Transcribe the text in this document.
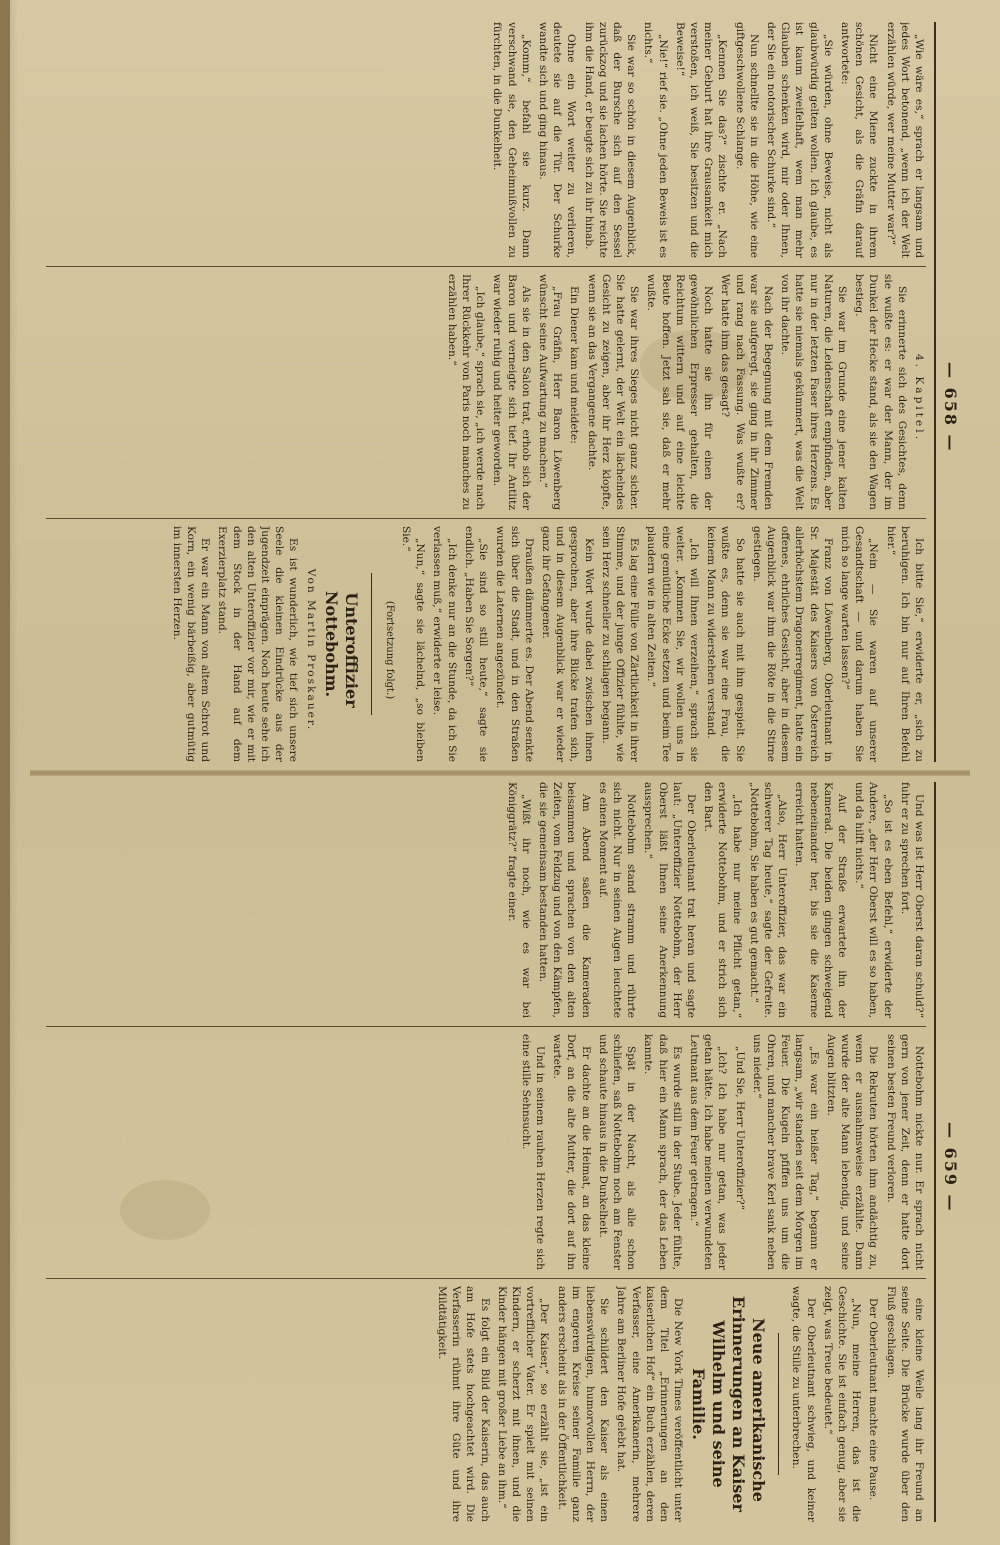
— 658 —

„Wie wäre es,“ sprach er langsam und jedes Wort betonend, „wenn ich der Welt erzählen würde, wer meine Mutter war?“

Nicht eine Miene zuckte in ihrem schönen Gesicht, als die Gräfin darauf antwortete:

„Sie würden, ohne Beweise, nicht als glaubwürdig gelten wollen. Ich glaube, es ist kaum zweifelhaft, wem man mehr Glauben schenken wird, mir oder Ihnen, der Sie ein notorischer Schurke sind.“

Nun schnellte sie in die Höhe, wie eine giftgeschwollene Schlange.

„Kennen Sie das?“ zischte er. „Nach meiner Geburt hat ihre Grausamkeit mich verstoßen, ich weiß, Sie besitzen und die Beweise!“

„Nie!“ rief sie. „Ohne jeden Beweis ist es nichts.“

Sie war so schön in diesem Augenblick, daß der Bursche sich auf den Sessel zurückzog und sie lachen hörte. Sie reichte ihm die Hand, er beugte sich zu ihr hinab.

Ohne ein Wort weiter zu verlieren, deutete sie auf die Tür. Der Schurke wandte sich und ging hinaus.

„Komm,“ befahl sie kurz. Dann verschwand sie, den Geheimnißvollen zu fürchten, in die Dunkelheit.

4. Kapitel.

Sie erinnerte sich des Gesichtes, denn sie wußte es: er war der Mann, der im Dunkel der Hecke stand, als sie den Wagen bestieg.

Sie war im Grunde eine jener kalten Naturen, die Leidenschaft empfinden, aber nur in der letzten Faser ihres Herzens. Es hatte sie niemals gekümmert, was die Welt von ihr dachte.

Nach der Begegnung mit dem Fremden war sie aufgeregt, sie ging in ihr Zimmer und rang nach Fassung. Was wußte er? Wer hatte ihm das gesagt?

Noch hatte sie ihn für einen der gewöhnlichen Erpresser gehalten, die Reichtum wittern und auf eine leichte Beute hoffen. Jetzt sah sie, daß er mehr wußte.

Sie war ihres Sieges nicht ganz sicher. Sie hatte gelernt, der Welt ein lächelndes Gesicht zu zeigen, aber ihr Herz klopfte, wenn sie an das Vergangene dachte.

Ein Diener kam und meldete:

„Frau Gräfin, Herr Baron Löwenberg wünscht seine Aufwartung zu machen.“

Als sie in den Salon trat, erhob sich der Baron und verneigte sich tief. Ihr Antlitz war wieder ruhig und heiter geworden.

„Ich glaube,“ sprach sie, „ich werde nach Ihrer Rückkehr von Paris noch manches zu erzählen haben.“

Ich bitte Sie,“ erwiderte er, „sich zu beruhigen. Ich bin nur auf Ihren Befehl hier.“

„Nein — Sie waren auf unserer Gesandtschaft — und darum haben Sie mich so lange warten lassen?“

Franz von Löwenberg, Oberleutnant in Sr. Majestät des Kaisers von Österreich allerhöchstem Dragonerregiment, hatte ein offenes, ehrliches Gesicht, aber in diesem Augenblick war ihm die Röte in die Stirne gestiegen.

So hatte sie auch mit ihm gespielt. Sie wußte es, denn sie war eine Frau, die keinem Mann zu widerstehen verstand.

„Ich will Ihnen verzeihen,“ sprach sie weiter. „Kommen Sie, wir wollen uns in eine gemütliche Ecke setzen und beim Tee plaudern wie in alten Zeiten.“

Es lag eine Fülle von Zärtlichkeit in ihrer Stimme, und der junge Offizier fühlte, wie sein Herz schneller zu schlagen begann.

Kein Wort wurde dabei zwischen ihnen gesprochen, aber ihre Blicke trafen sich, und in diesem Augenblick war er wieder ganz ihr Gefangener.

Draußen dämmerte es. Der Abend senkte sich über die Stadt, und in den Straßen wurden die Laternen angezündet.

„Sie sind so still heute,“ sagte sie endlich. „Haben Sie Sorgen?“

„Ich denke nur an die Stunde, da ich Sie verlassen muß,“ erwiderte er leise.

„Nun,“ sagte sie lächelnd, „so bleiben Sie.“

(Fortsetzung folgt.)

Unteroffizier Nottebohm.

Von Martin Proskauer.

Es ist wunderlich, wie tief sich unsere Seele die kleinen Eindrücke aus der Jugendzeit einprägen. Noch heute sehe ich den alten Unteroffizier vor mir, wie er mit dem Stock in der Hand auf dem Exerzierplatz stand.

Er war ein Mann von altem Schrot und Korn, ein wenig bärbeißig, aber gutmütig im innersten Herzen.

— 659 —

Und was ist Herr Oberst daran schuld?“ fuhr er zu sprechen fort.

„So ist es eben Befehl,“ erwiderte der Andere, „der Herr Oberst will es so haben, und da hilft nichts.“

Auf der Straße erwartete ihn der Kamerad. Die beiden gingen schweigend nebeneinander her, bis sie die Kaserne erreicht hatten.

„Also, Herr Unteroffizier, das war ein schwerer Tag heute,“ sagte der Gefreite. „Nottebohm, Sie haben es gut gemacht.“

„Ich habe nur meine Pflicht getan,“ erwiderte Nottebohm, und er strich sich den Bart.

Der Oberleutnant trat heran und sagte laut: „Unteroffizier Nottebohm, der Herr Oberst läßt Ihnen seine Anerkennung aussprechen.“

Nottebohm stand stramm und rührte sich nicht. Nur in seinen Augen leuchtete es einen Moment auf.

Am Abend saßen die Kameraden beisammen und sprachen von den alten Zeiten, vom Feldzug und von den Kämpfen, die sie gemeinsam bestanden hatten.

„Wißt ihr noch, wie es war bei Königgrätz?“ fragte einer.

Nottebohm nickte nur. Er sprach nicht gern von jener Zeit, denn er hatte dort seinen besten Freund verloren.

Die Rekruten hörten ihm andächtig zu, wenn er ausnahmsweise erzählte. Dann wurde der alte Mann lebendig, und seine Augen blitzten.

„Es war ein heißer Tag,“ begann er langsam, „wir standen seit dem Morgen im Feuer. Die Kugeln pfiffen uns um die Ohren, und mancher brave Kerl sank neben uns nieder.“

„Und Sie, Herr Unteroffizier?“

„Ich? Ich habe nur getan, was jeder getan hätte. Ich habe meinen verwundeten Leutnant aus dem Feuer getragen.“

Es wurde still in der Stube. Jeder fühlte, daß hier ein Mann sprach, der das Leben kannte.

Spät in der Nacht, als alle schon schliefen, saß Nottebohm noch am Fenster und schaute hinaus in die Dunkelheit.

Er dachte an die Heimat, an das kleine Dorf, an die alte Mutter, die dort auf ihn wartete.

Und in seinem rauhen Herzen regte sich eine stille Sehnsucht.

eine kleine Weile lang ihr Freund an seine Seite. Die Brücke wurde über den Fluß geschlagen.

Der Oberleutnant machte eine Pause.

„Nun, meine Herren, das ist die Geschichte. Sie ist einfach genug, aber sie zeigt, was Treue bedeutet.“

Der Oberleutnant schwieg, und keiner wagte, die Stille zu unterbrechen.

Neue amerikanische Erinnerungen an Kaiser Wilhelm und seine Familie.

Die New York Times veröffentlicht unter dem Titel „Erinnerungen an den kaiserlichen Hof“ ein Buch erzählen, deren Verfasser, eine Amerikanerin, mehrere Jahre am Berliner Hofe gelebt hat.

Sie schildert den Kaiser als einen liebenswürdigen, humorvollen Herrn, der im engeren Kreise seiner Familie ganz anders erscheint als in der Öffentlichkeit.

„Der Kaiser,“ so erzählt sie, „ist ein vortrefflicher Vater. Er spielt mit seinen Kindern, er scherzt mit ihnen, und die Kinder hängen mit großer Liebe an ihm.“

Es folgt ein Bild der Kaiserin, das auch am Hofe stets hochgeachtet wird. Die Verfasserin rühmt ihre Güte und ihre Mildtätigkeit.
